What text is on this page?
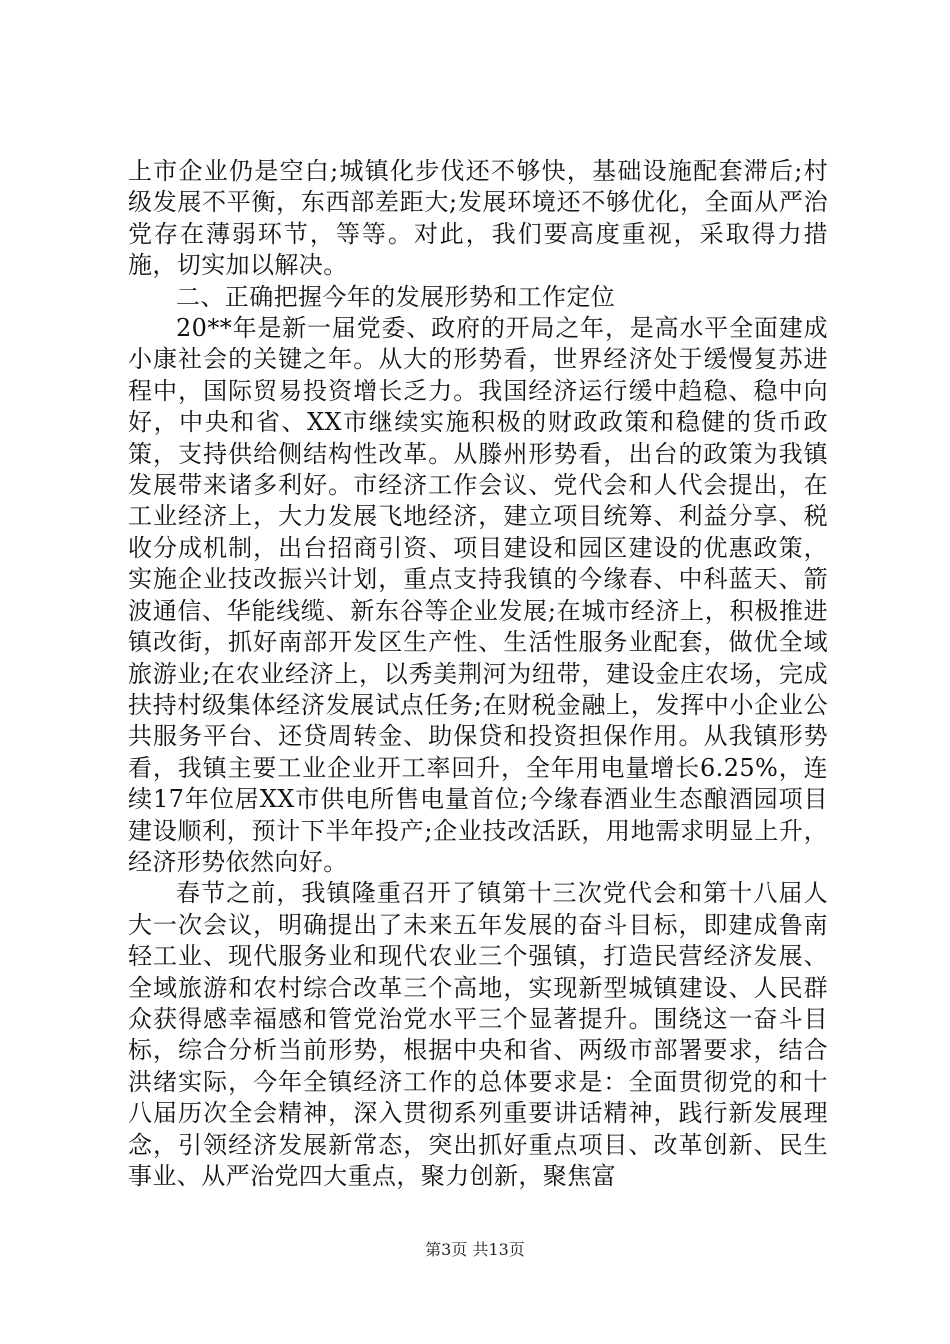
上市企业仍是空白;城镇化步伐还不够快，基础设施配套滞后;村级发展不平衡，东西部差距大;发展环境还不够优化，全面从严治党存在薄弱环节，等等。对此，我们要高度重视，采取得力措施，切实加以解决。

二、正确把握今年的发展形势和工作定位

20**年是新一届党委、政府的开局之年，是高水平全面建成小康社会的关键之年。从大的形势看，世界经济处于缓慢复苏进程中，国际贸易投资增长乏力。我国经济运行缓中趋稳、稳中向好，中央和省、XX市继续实施积极的财政政策和稳健的货币政策，支持供给侧结构性改革。从滕州形势看，出台的政策为我镇发展带来诸多利好。市经济工作会议、党代会和人代会提出，在工业经济上，大力发展飞地经济，建立项目统筹、利益分享、税收分成机制，出台招商引资、项目建设和园区建设的优惠政策，实施企业技改振兴计划，重点支持我镇的今缘春、中科蓝天、箭波通信、华能线缆、新东谷等企业发展;在城市经济上，积极推进镇改街，抓好南部开发区生产性、生活性服务业配套，做优全域旅游业;在农业经济上，以秀美荆河为纽带，建设金庄农场，完成扶持村级集体经济发展试点任务;在财税金融上，发挥中小企业公共服务平台、还贷周转金、助保贷和投资担保作用。从我镇形势看，我镇主要工业企业开工率回升，全年用电量增长6.25%，连续17年位居XX市供电所售电量首位;今缘春酒业生态酿酒园项目建设顺利，预计下半年投产;企业技改活跃，用地需求明显上升，经济形势依然向好。

春节之前，我镇隆重召开了镇第十三次党代会和第十八届人大一次会议，明确提出了未来五年发展的奋斗目标，即建成鲁南轻工业、现代服务业和现代农业三个强镇，打造民营经济发展、全域旅游和农村综合改革三个高地，实现新型城镇建设、人民群众获得感幸福感和管党治党水平三个显著提升。围绕这一奋斗目标，综合分析当前形势，根据中央和省、两级市部署要求，结合洪绪实际，今年全镇经济工作的总体要求是：全面贯彻党的和十八届历次全会精神，深入贯彻系列重要讲话精神，践行新发展理念，引领经济发展新常态，突出抓好重点项目、改革创新、民生事业、从严治党四大重点，聚力创新，聚焦富

第3页 共13页
